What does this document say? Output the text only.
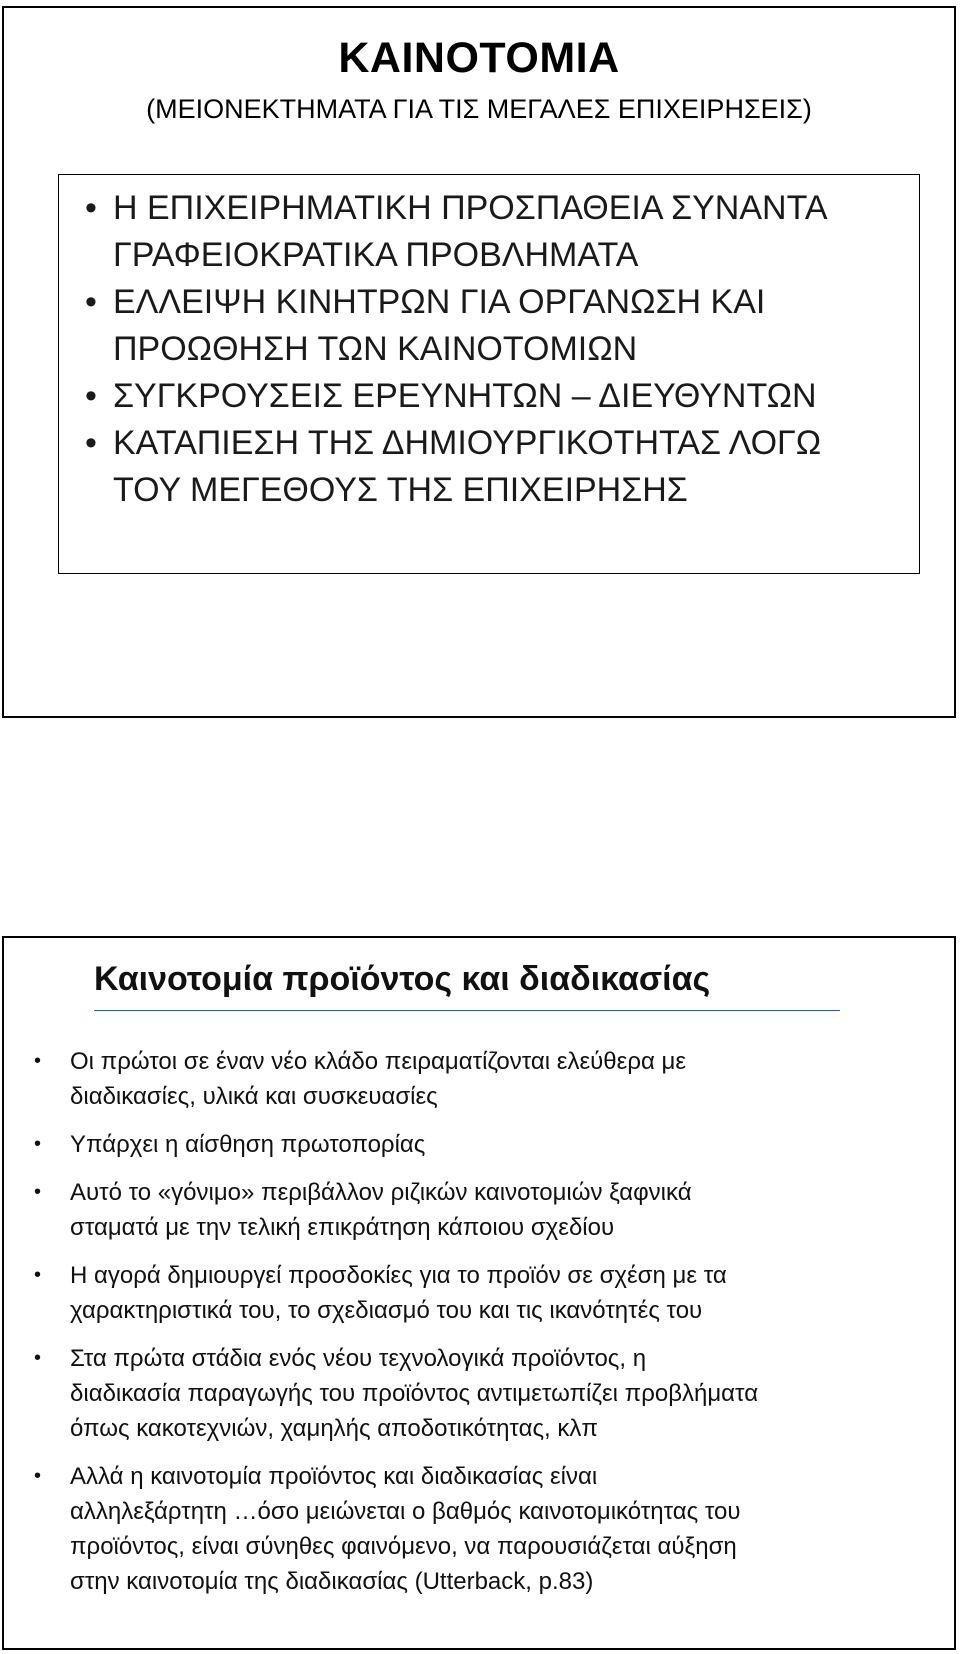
ΚΑΙΝΟΤΟΜΙΑ
(ΜΕΙΟΝΕΚΤΗΜΑΤΑ ΓΙΑ ΤΙΣ ΜΕΓΑΛΕΣ ΕΠΙΧΕΙΡΗΣΕΙΣ)
• Η ΕΠΙΧΕΙΡΗΜΑΤΙΚΗ ΠΡΟΣΠΑΘΕΙΑ ΣΥΝΑΝΤΑ
ΓΡΑΦΕΙΟΚΡΑΤΙΚΑ ΠΡΟΒΛΗΜΑΤΑ
• ΕΛΛΕΙΨΗ ΚΙΝΗΤΡΩΝ ΓΙΑ ΟΡΓΑΝΩΣΗ ΚΑΙ
ΠΡΟΩΘΗΣΗ ΤΩΝ ΚΑΙΝΟΤΟΜΙΩΝ
• ΣΥΓΚΡΟΥΣΕΙΣ ΕΡΕΥΝΗΤΩΝ – ΔΙΕΥΘΥΝΤΩΝ
• ΚΑΤΑΠΙΕΣΗ ΤΗΣ ΔΗΜΙΟΥΡΓΙΚΟΤΗΤΑΣ ΛΟΓΩ
ΤΟΥ ΜΕΓΕΘΟΥΣ ΤΗΣ ΕΠΙΧΕΙΡΗΣΗΣ
Καινοτομία προϊόντος και διαδικασίας
• Οι πρώτοι σε έναν νέο κλάδο πειραματίζονται ελεύθερα με
διαδικασίες, υλικά και συσκευασίες
• Υπάρχει η αίσθηση πρωτοπορίας
• Αυτό το «γόνιμο» περιβάλλον ριζικών καινοτομιών ξαφνικά
σταματά με την τελική επικράτηση κάποιου σχεδίου
• Η αγορά δημιουργεί προσδοκίες για το προϊόν σε σχέση με τα
χαρακτηριστικά του, το σχεδιασμό του και τις ικανότητές του
• Στα πρώτα στάδια ενός νέου τεχνολογικά προϊόντος, η
διαδικασία παραγωγής του προϊόντος αντιμετωπίζει προβλήματα
όπως κακοτεχνιών, χαμηλής αποδοτικότητας, κλπ
• Αλλά η καινοτομία προϊόντος και διαδικασίας είναι
αλληλεξάρτητη …όσο μειώνεται ο βαθμός καινοτομικότητας του
προϊόντος, είναι σύνηθες φαινόμενο, να παρουσιάζεται αύξηση
στην καινοτομία της διαδικασίας (Utterback, p.83)
